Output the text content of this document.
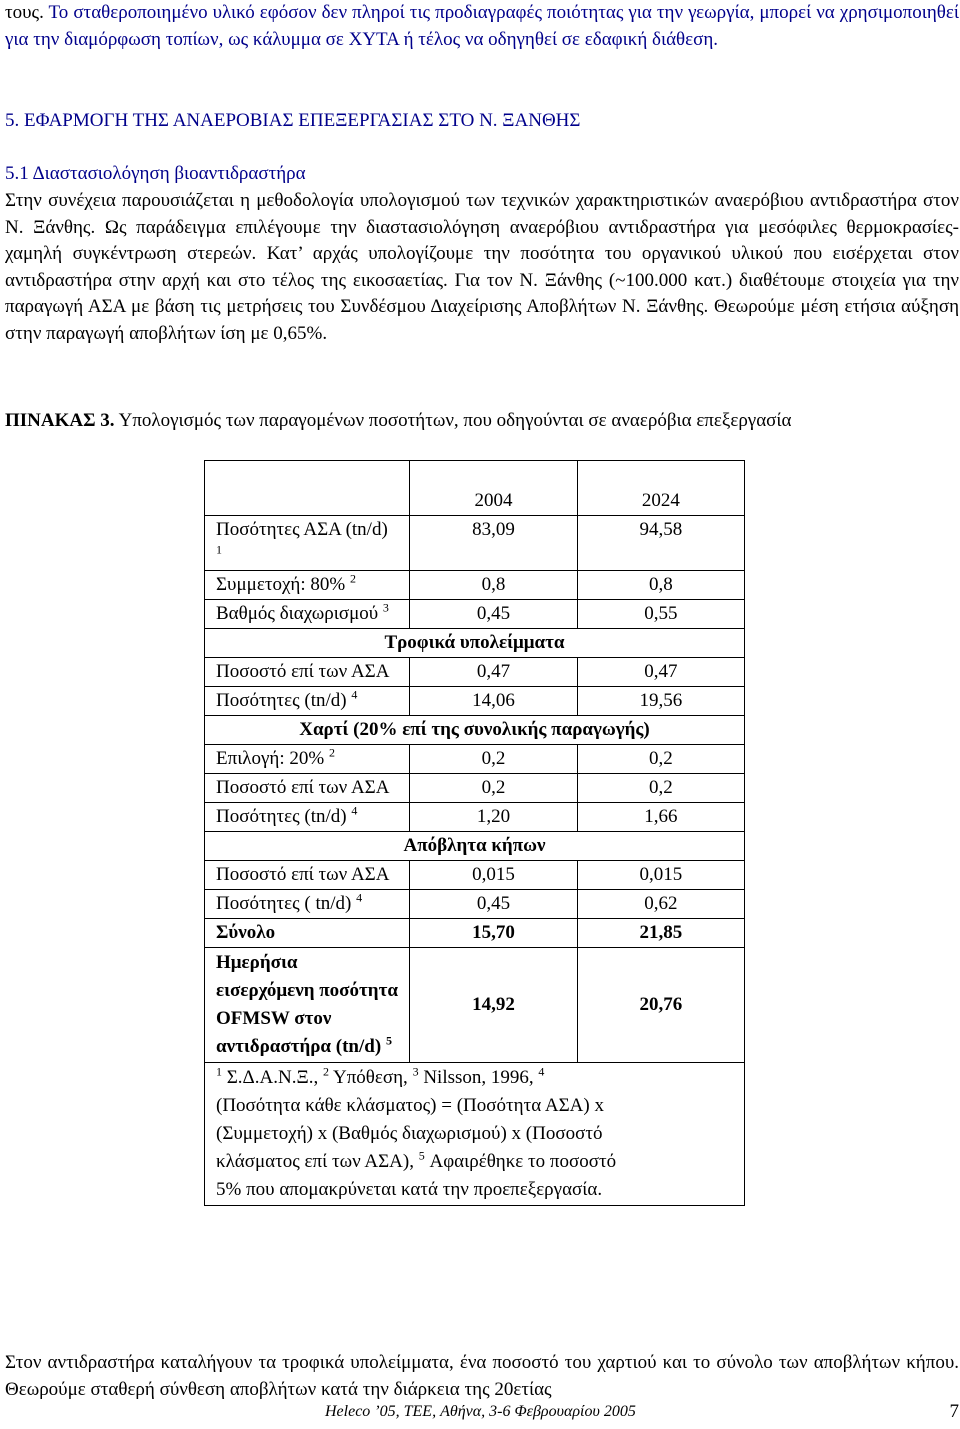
τους. Το σταθεροποιημένο υλικό εφόσον δεν πληροί τις προδιαγραφές ποιότητας για την γεωργία, μπορεί να χρησιμοποιηθεί για την διαμόρφωση τοπίων, ως κάλυμμα σε ΧΥΤΑ ή τέλος να οδηγηθεί σε εδαφική διάθεση.

5. ΕΦΑΡΜΟΓΗ ΤΗΣ ΑΝΑΕΡΟΒΙΑΣ ΕΠΕΞΕΡΓΑΣΙΑΣ ΣΤΟ Ν. ΞΑΝΘΗΣ
5.1 Διαστασιολόγηση βιοαντιδραστήρα

Στην συνέχεια παρουσιάζεται η μεθοδολογία υπολογισμού των τεχνικών χαρακτηριστικών αναερόβιου αντιδραστήρα στον Ν. Ξάνθης. Ως παράδειγμα επιλέγουμε την διαστασιολόγηση αναερόβιου αντιδραστήρα για μεσόφιλες θερμοκρασίες-χαμηλή συγκέντρωση στερεών. Κατ’ αρχάς υπολογίζουμε την ποσότητα του οργανικού υλικού που εισέρχεται στον αντιδραστήρα στην αρχή και στο τέλος της εικοσαετίας. Για τον Ν. Ξάνθης (~100.000 κατ.) διαθέτουμε στοιχεία για την παραγωγή ΑΣΑ με βάση τις μετρήσεις του Συνδέσμου Διαχείρισης Αποβλήτων Ν. Ξάνθης. Θεωρούμε μέση ετήσια αύξηση στην παραγωγή αποβλήτων ίση με 0,65%.

ΠΙΝΑΚΑΣ 3. Υπολογισμός των παραγομένων ποσοτήτων, που οδηγούνται σε αναερόβια επεξεργασία

	2004	2024
Ποσότητες ΑΣΑ (tn/d) $^1$	83,09	94,58
Συμμετοχή: 80% $^2$	0,8	0,8
Βαθμός διαχωρισμού $^3$	0,45	0,55
Τροφικά υπολείμματα		
Ποσοστό επί των ΑΣΑ	0,47	0,47
Ποσότητες (tn/d) $^4$	14,06	19,56
Χαρτί (20% επί της συνολικής παραγωγής)		
Επιλογή: 20% $^2$	0,2	0,2
Ποσοστό επί των ΑΣΑ	0,2	0,2
Ποσότητες (tn/d) $^4$	1,20	1,66
Απόβλητα κήπων		
Ποσοστό επί των ΑΣΑ	0,015	0,015
Ποσότητες ( tn/d) $^4$	0,45	0,62
Σύνολο	15,70	21,85
Ημερήσια εισερχόμενη ποσότητα OFMSW στον αντιδραστήρα (tn/d) $^5$	14,92	20,76
$^1$ Σ.Δ.Α.Ν.Ξ., $^2$ Υπόθεση, $^3$ Nilsson, 1996, $^4$ (Ποσότητα κάθε κλάσματος) = (Ποσότητα ΑΣΑ) x (Συμμετοχή) x (Βαθμός διαχωρισμού) x (Ποσοστό κλάσματος επί των ΑΣΑ), $^5$ Αφαιρέθηκε το ποσοστό 5% που απομακρύνεται κατά την προεπεξεργασία.		

Στον αντιδραστήρα καταλήγουν τα τροφικά υπολείμματα, ένα ποσοστό του χαρτιού και το σύνολο των αποβλήτων κήπου. Θεωρούμε σταθερή σύνθεση αποβλήτων κατά την διάρκεια της 20ετίας

Heleco ’05, TEE, Αθήνα, 3-6 Φεβρουαρίου 2005	7
